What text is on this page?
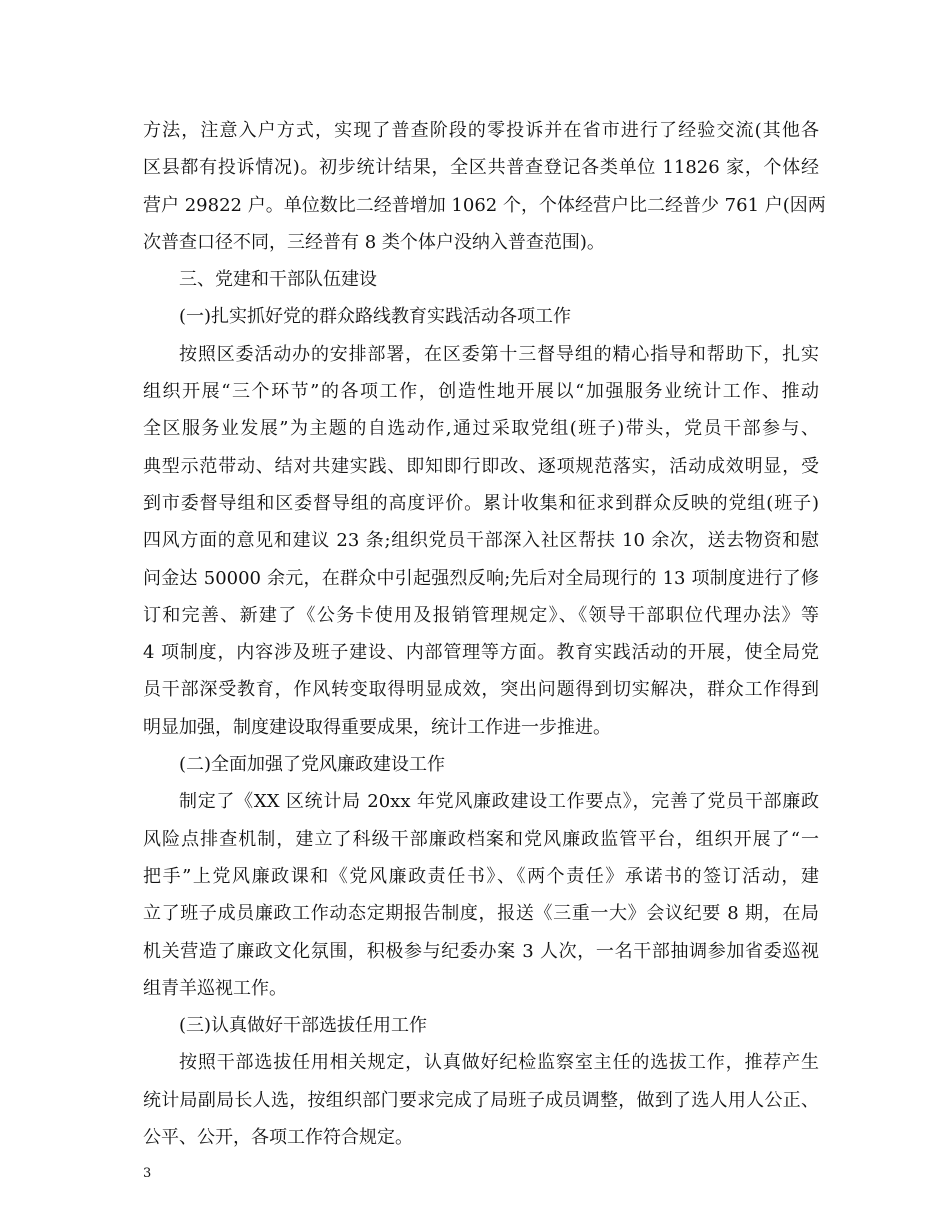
方法，注意入户方式，实现了普查阶段的零投诉并在省市进行了经验交流(其他各
区县都有投诉情况)。初步统计结果，全区共普查登记各类单位 11826 家，个体经
营户 29822 户。单位数比二经普增加 1062 个，个体经营户比二经普少 761 户(因两
次普查口径不同，三经普有 8 类个体户没纳入普查范围)。
三、党建和干部队伍建设
(一)扎实抓好党的群众路线教育实践活动各项工作
按照区委活动办的安排部署，在区委第十三督导组的精心指导和帮助下，扎实
组织开展“三个环节”的各项工作，创造性地开展以“加强服务业统计工作、推动
全区服务业发展”为主题的自选动作,通过采取党组(班子)带头，党员干部参与、
典型示范带动、结对共建实践、即知即行即改、逐项规范落实，活动成效明显，受
到市委督导组和区委督导组的高度评价。累计收集和征求到群众反映的党组(班子)
四风方面的意见和建议 23 条;组织党员干部深入社区帮扶 10 余次，送去物资和慰
问金达 50000 余元，在群众中引起强烈反响;先后对全局现行的 13 项制度进行了修
订和完善、新建了《公务卡使用及报销管理规定》、《领导干部职位代理办法》等
4 项制度，内容涉及班子建设、内部管理等方面。教育实践活动的开展，使全局党
员干部深受教育，作风转变取得明显成效，突出问题得到切实解决，群众工作得到
明显加强，制度建设取得重要成果，统计工作进一步推进。
(二)全面加强了党风廉政建设工作
制定了《XX 区统计局 20xx 年党风廉政建设工作要点》，完善了党员干部廉政
风险点排查机制，建立了科级干部廉政档案和党风廉政监管平台，组织开展了“一
把手”上党风廉政课和《党风廉政责任书》、《两个责任》承诺书的签订活动，建
立了班子成员廉政工作动态定期报告制度，报送《三重一大》会议纪要 8 期，在局
机关营造了廉政文化氛围，积极参与纪委办案 3 人次，一名干部抽调参加省委巡视
组青羊巡视工作。
(三)认真做好干部选拔任用工作
按照干部选拔任用相关规定，认真做好纪检监察室主任的选拔工作，推荐产生
统计局副局长人选，按组织部门要求完成了局班子成员调整，做到了选人用人公正、
公平、公开，各项工作符合规定。
3
